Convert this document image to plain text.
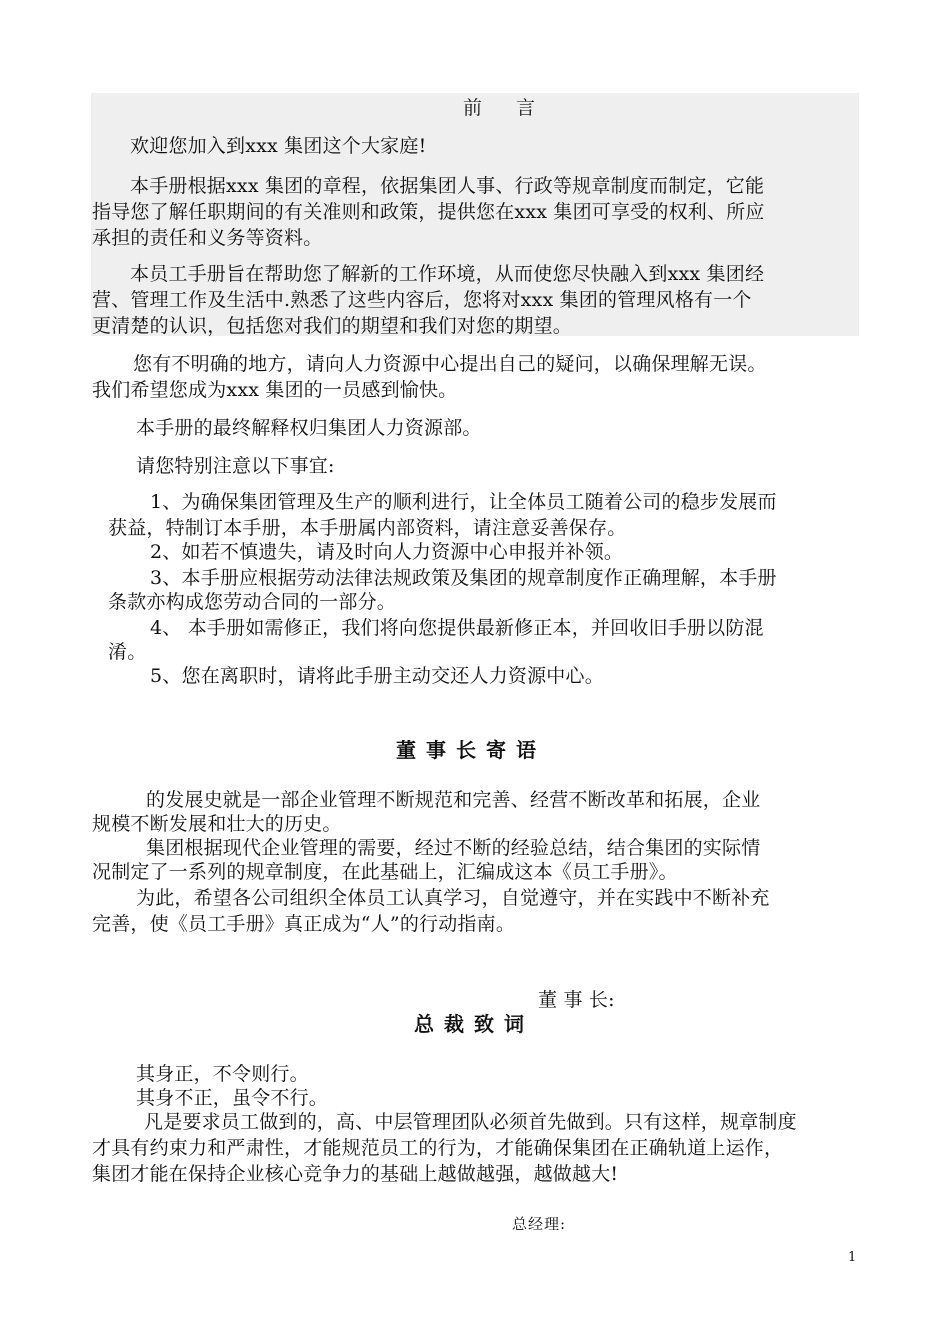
前 言
欢迎您加入到xxx 集团这个大家庭!
本手册根据xxx 集团的章程，依据集团人事、行政等规章制度而制定，它能
指导您了解任职期间的有关准则和政策，提供您在xxx 集团可享受的权利、所应
承担的责任和义务等资料。
本员工手册旨在帮助您了解新的工作环境，从而使您尽快融入到xxx 集团经
营、管理工作及生活中.熟悉了这些内容后，您将对xxx 集团的管理风格有一个
更清楚的认识，包括您对我们的期望和我们对您的期望。
您有不明确的地方，请向人力资源中心提出自己的疑问，以确保理解无误。
我们希望您成为xxx 集团的一员感到愉快。
本手册的最终解释权归集团人力资源部。
请您特别注意以下事宜:
1、为确保集团管理及生产的顺利进行，让全体员工随着公司的稳步发展而
获益，特制订本手册，本手册属内部资料，请注意妥善保存。
2、如若不慎遗失，请及时向人力资源中心申报并补领。
3、本手册应根据劳动法律法规政策及集团的规章制度作正确理解，本手册
条款亦构成您劳动合同的一部分。
4、 本手册如需修正，我们将向您提供最新修正本，并回收旧手册以防混
淆。
5、您在离职时，请将此手册主动交还人力资源中心。
董事长寄语
的发展史就是一部企业管理不断规范和完善、经营不断改革和拓展，企业
规模不断发展和壮大的历史。
集团根据现代企业管理的需要，经过不断的经验总结，结合集团的实际情
况制定了一系列的规章制度，在此基础上，汇编成这本《员工手册》。
为此，希望各公司组织全体员工认真学习，自觉遵守，并在实践中不断补充
完善，使《员工手册》真正成为“人”的行动指南。
董 事 长:
总裁致词
其身正，不令则行。
其身不正，虽令不行。
凡是要求员工做到的，高、中层管理团队必须首先做到。只有这样，规章制度
才具有约束力和严肃性，才能规范员工的行为，才能确保集团在正确轨道上运作，
集团才能在保持企业核心竞争力的基础上越做越强，越做越大!
总经理:
1
